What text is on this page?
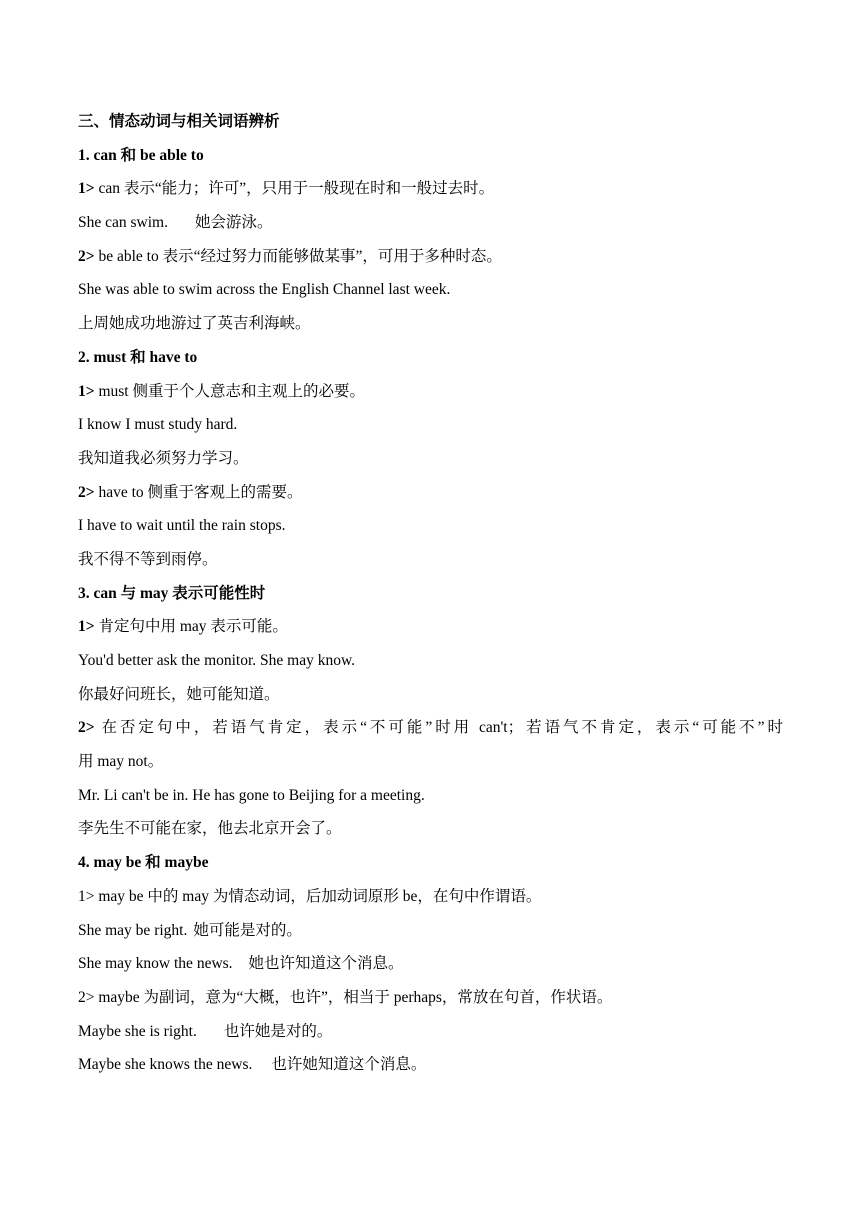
三、情态动词与相关词语辨析
1. can 和 be able to
1> can 表示“能力；许可”，只用于一般现在时和一般过去时。
She can swim. 她会游泳。
2> be able to 表示“经过努力而能够做某事”，可用于多种时态。
She was able to swim across the English Channel last week.
上周她成功地游过了英吉利海峡。
2. must 和 have to
1> must 侧重于个人意志和主观上的必要。
I know I must study hard.
我知道我必须努力学习。
2> have to 侧重于客观上的需要。
I have to wait until the rain stops.
我不得不等到雨停。
3. can 与 may 表示可能性时
1> 肯定句中用 may 表示可能。
You'd better ask the monitor. She may know.
你最好问班长，她可能知道。
2> 在否定句中，若语气肯定，表示“不可能”时用 can't；若语气不肯定，表示“可能不”时
用 may not。
Mr. Li can't be in. He has gone to Beijing for a meeting.
李先生不可能在家，他去北京开会了。
4. may be 和 maybe
1> may be 中的 may 为情态动词，后加动词原形 be，在句中作谓语。
She may be right. 她可能是对的。
She may know the news. 她也许知道这个消息。
2> maybe 为副词，意为“大概，也许”，相当于 perhaps，常放在句首，作状语。
Maybe she is right. 也许她是对的。
Maybe she knows the news. 也许她知道这个消息。
